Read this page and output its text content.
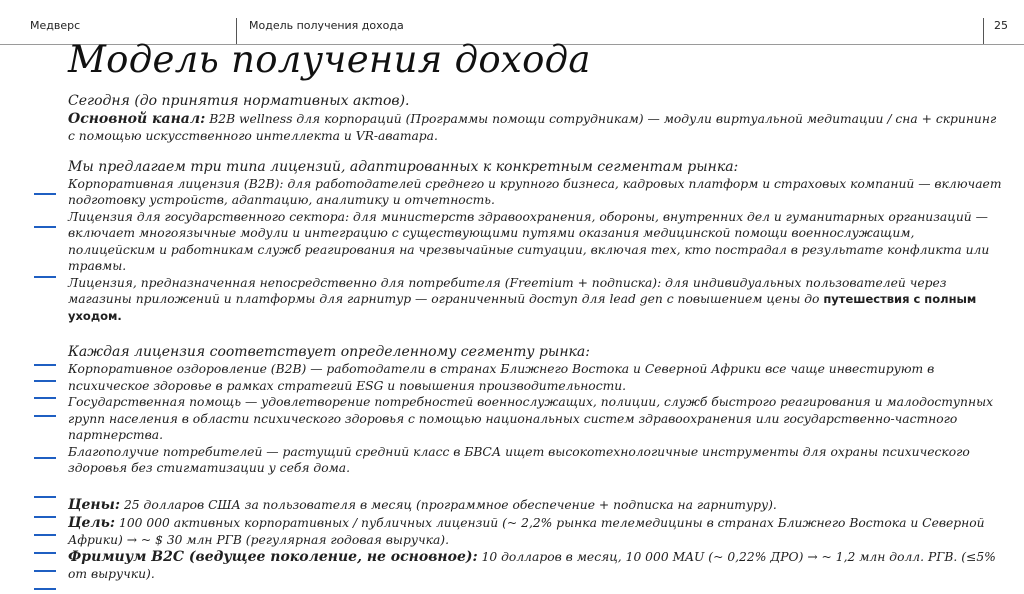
Медверс	Модель получения дохода	25
Модель получения дохода

Сегодня (до принятия нормативных актов).

Основной канал: B2B wellness для корпораций (Программы помощи сотрудникам) — модули виртуальной медитации / сна + скрининг с помощью искусственного интеллекта и VR-аватара.

Мы предлагаем три типа лицензий, адаптированных к конкретным сегментам рынка:

Корпоративная лицензия (B2B): для работодателей среднего и крупного бизнеса, кадровых платформ и страховых компаний — включает подготовку устройств, адаптацию, аналитику и отчетность.

Лицензия для государственного сектора: для министерств здравоохранения, обороны, внутренних дел и гуманитарных организаций — включает многоязычные модули и интеграцию с существующими путями оказания медицинской помощи военнослужащим, полицейским и работникам служб реагирования на чрезвычайные ситуации, включая тех, кто пострадал в результате конфликта или травмы.

Лицензия, предназначенная непосредственно для потребителя (Freemium + подписка): для индивидуальных пользователей через магазины приложений и платформы для гарнитур — ограниченный доступ для lead gen с повышением цены до путешествия с полным уходом.

Каждая лицензия соответствует определенному сегменту рынка:

Корпоративное оздоровление (B2B) — работодатели в странах Ближнего Востока и Северной Африки все чаще инвестируют в психическое здоровье в рамках стратегий ESG и повышения производительности.

Государственная помощь — удовлетворение потребностей военнослужащих, полиции, служб быстрого реагирования и малодоступных групп населения в области психического здоровья с помощью национальных систем здравоохранения или государственно-частного партнерства.

Благополучие потребителей — растущий средний класс в БВСА ищет высокотехнологичные инструменты для охраны психического здоровья без стигматизации у себя дома.

Цены: 25 долларов США за пользователя в месяц (программное обеспечение + подписка на гарнитуру).

Цель: 100 000 активных корпоративных / публичных лицензий (~ 2,2% рынка телемедицины в странах Ближнего Востока и Северной Африки) → ~ $ 30 млн РГВ (регулярная годовая выручка).

Фримиум B2C (ведущее поколение, не основное): 10 долларов в месяц, 10 000 MAU (~ 0,22% ДРО) → ~ 1,2 млн долл. РГВ. (≤5% от выручки).
